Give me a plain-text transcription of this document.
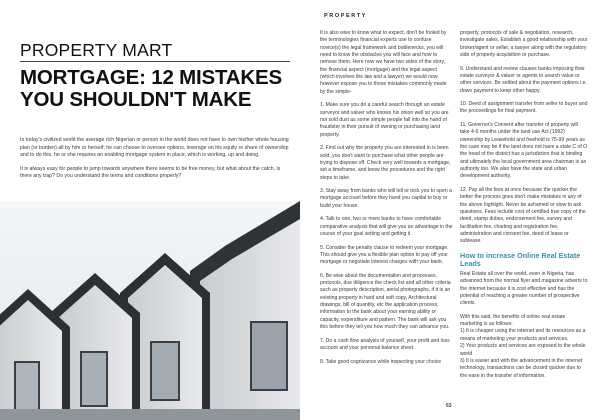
PROPERTY MART
MORTGAGE: 12 MISTAKES YOU SHOULDN'T MAKE

In today's civilized world the average rich Nigerian or person in the world does not have to own his/her whole housing plan (or burden) all by him or herself; he can choose to oversee options, leverage on his equity or share of ownership and to do this, he or she requires an enabling mortgage system in place, which is working, up and doing.

It is always easy for people to jump towards anywhere there seems to be free money, but what about the catch, is there any trap? Do you understand the terms and conditions properly?

PROPERTY

It is also wise to know what to expect, don't be fooled by the terminologies financial experts use to confuse novice(s) the legal framework and bottlenecks, you will need to know the obstacles you will face and how to remove them. Here now we have two sides of the story, the financial aspect (mortgage) and the legal aspect (which involves the law and a lawyer) we would now however expose you to those mistakes commonly made by the simple-

1. Make sure you do a careful search through an estate surveyor and valuer who knows his onion well so you are not sold dust as some simple people fall into the hand of fraudster in their pursuit of owning or purchasing land property.

2. Find out why the property you are interested in is been sold, you don't want to purchase what other people are trying to dispose off. Check very well towards a mortgage, set a timeframe, and know the procedures and the right steps to take.

3. Stay away from banks who will tell or trick you to open a mortgage account before they hand you capital to buy or build your house.

4. Talk to one, two or more banks to have comfortable comparative analysis that will give you an advantage in the course of your goal setting and getting it.

5. Consider the penalty clause to redeem your mortgage. This should give you a flexible plan option to pay off your mortgage or negotiate interest charges with your bank.

6. Be wise about the documentation and processes, protocols, due diligence the check list and all other criteria such as property description, aerial photographs, if it is an existing property in hard and soft copy, Architectural drawings, bill of quantity, etc the application process, information to the bank about your earning ability or capacity, expenditure and pattern. The bank will ask you this before they tell you how much they can advance you.

7. Do a cash flow analysis of yourself, your profit and loss account and your personal balance sheet.

8. Take good cognizance while inspecting your choice

property, protocols of sale & negotiation, research, investigate sales. Establish a good relationship with your broker/agent or seller, a lawyer along with the regulatory side of property acquisition or purchase.

9. Understand and review clauses banks imposing their estate surveyor & valuer or agents to search value or other services. Be settled about the payment options i.e. down payment to keep other happy.

10. Deed of assignment transfer from seller to buyer and the proceedings for final payment.

11. Governor's Consent after transfer of property will take 4-6 months under the land use Act (1992) ownership by Leasehold and freehold is 75-99 years as the case may be if the land does not have a state C of O the head of the district has a jurisdiction that is binding and ultimately the local government area chairman is an authority too. We also have the state and urban development authority.

12. Pay all the fees at once because the quicker the better the process goes don't make mistakes in any of the above highlight. Never be ashamed or slow to ask questions. Fees include cost of certified true copy of the deed, stamp duties, endorsement fee, survey and facilitation fee, charting and registration fee, administration and consent fee, deed of lease or sublease.

How to increase Online Real Estate Leads

Real Estate all over the world, even in Nigeria, has advanced from the normal flyer and magazine adverts to the internet because it is cost effective and has the potential of reaching a greater number of prospective clients.

With this said, the benefits of online real estate marketing is as follows:

1) It is cheaper using the internet and its resources as a means of marketing your products and services.

2) Your products and services are exposed to the whole world

3) It is easier and with the advancement in the internet technology, transactions can be closed quicker due to the ease in the transfer of information.

63
